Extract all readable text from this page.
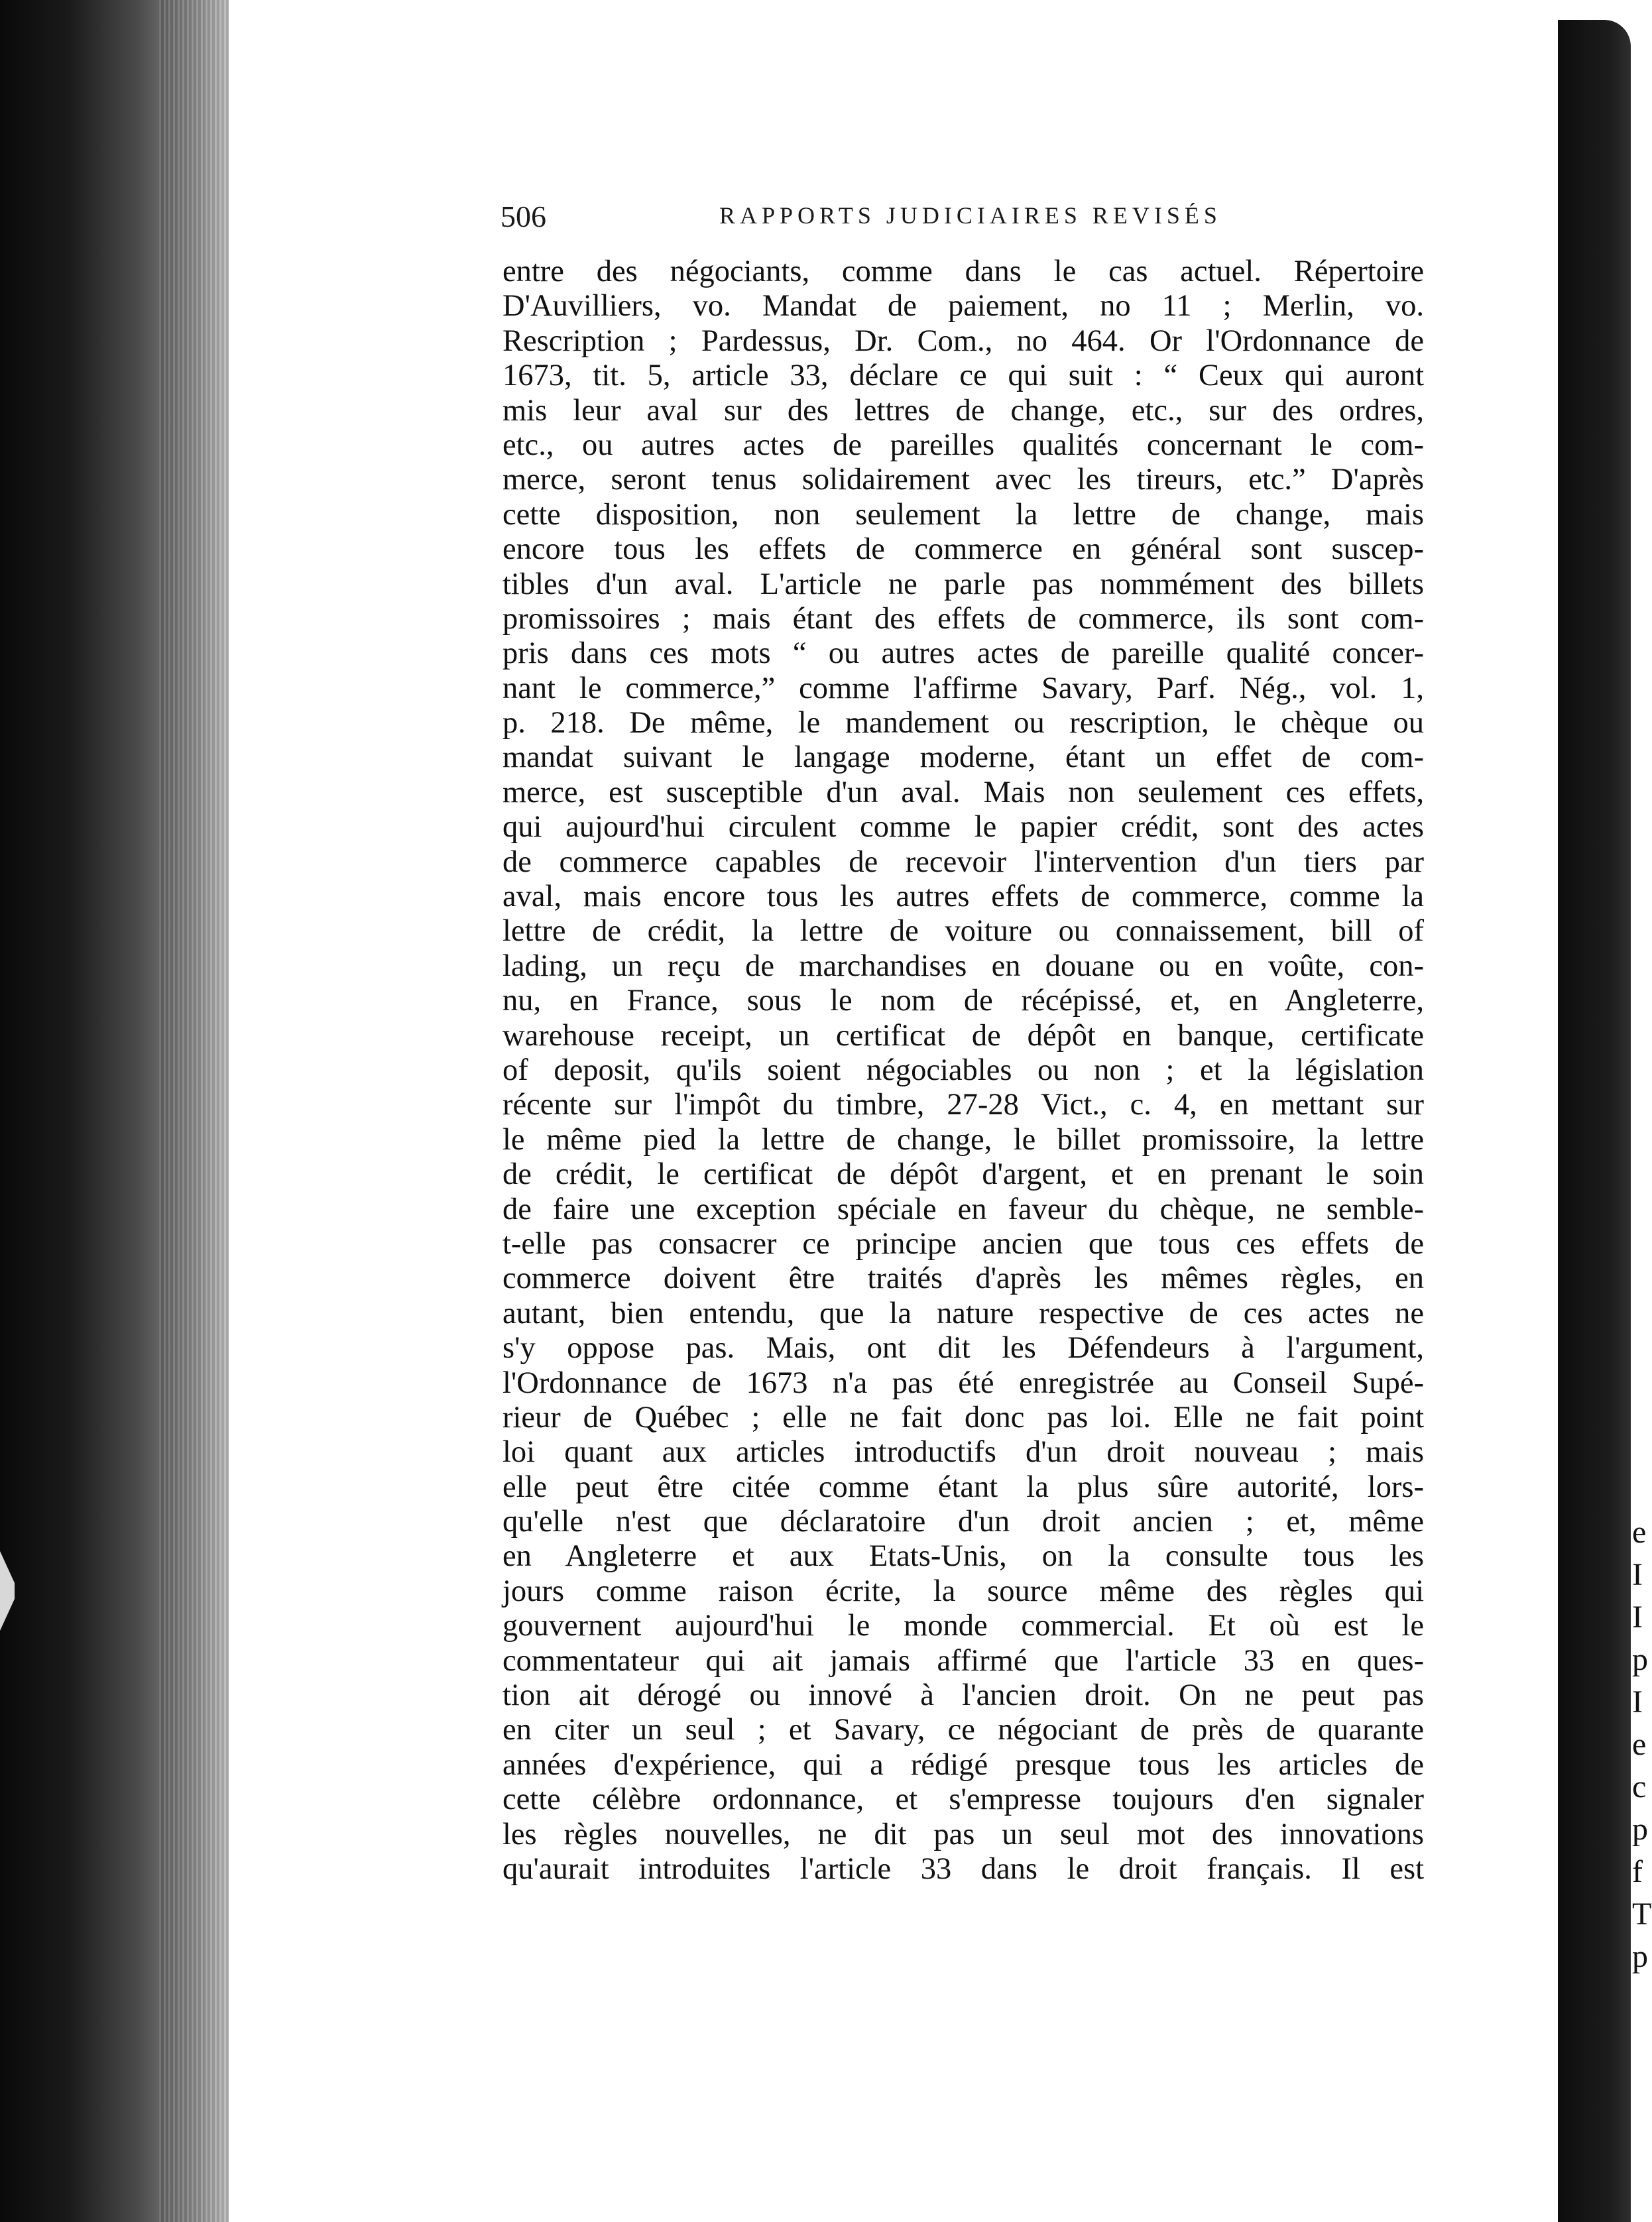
e
I
I
p
I
e
c
p
f
T
p
506	RAPPORTS JUDICIAIRES REVISÉS
entre des négociants, comme dans le cas actuel. Répertoire
D'Auvilliers, vo. Mandat de paiement, no 11 ; Merlin, vo.
Rescription ; Pardessus, Dr. Com., no 464. Or l'Ordonnance de
1673, tit. 5, article 33, déclare ce qui suit : “ Ceux qui auront
mis leur aval sur des lettres de change, etc., sur des ordres,
etc., ou autres actes de pareilles qualités concernant le com-
merce, seront tenus solidairement avec les tireurs, etc.” D'après
cette disposition, non seulement la lettre de change, mais
encore tous les effets de commerce en général sont suscep-
tibles d'un aval. L'article ne parle pas nommément des billets
promissoires ; mais étant des effets de commerce, ils sont com-
pris dans ces mots “ ou autres actes de pareille qualité concer-
nant le commerce,” comme l'affirme Savary, Parf. Nég., vol. 1,
p. 218. De même, le mandement ou rescription, le chèque ou
mandat suivant le langage moderne, étant un effet de com-
merce, est susceptible d'un aval. Mais non seulement ces effets,
qui aujourd'hui circulent comme le papier crédit, sont des actes
de commerce capables de recevoir l'intervention d'un tiers par
aval, mais encore tous les autres effets de commerce, comme la
lettre de crédit, la lettre de voiture ou connaissement, bill of
lading, un reçu de marchandises en douane ou en voûte, con-
nu, en France, sous le nom de récépissé, et, en Angleterre,
warehouse receipt, un certificat de dépôt en banque, certificate
of deposit, qu'ils soient négociables ou non ; et la législation
récente sur l'impôt du timbre, 27-28 Vict., c. 4, en mettant sur
le même pied la lettre de change, le billet promissoire, la lettre
de crédit, le certificat de dépôt d'argent, et en prenant le soin
de faire une exception spéciale en faveur du chèque, ne semble-
t-elle pas consacrer ce principe ancien que tous ces effets de
commerce doivent être traités d'après les mêmes règles, en
autant, bien entendu, que la nature respective de ces actes ne
s'y oppose pas. Mais, ont dit les Défendeurs à l'argument,
l'Ordonnance de 1673 n'a pas été enregistrée au Conseil Supé-
rieur de Québec ; elle ne fait donc pas loi. Elle ne fait point
loi quant aux articles introductifs d'un droit nouveau ; mais
elle peut être citée comme étant la plus sûre autorité, lors-
qu'elle n'est que déclaratoire d'un droit ancien ; et, même
en Angleterre et aux Etats-Unis, on la consulte tous les
jours comme raison écrite, la source même des règles qui
gouvernent aujourd'hui le monde commercial. Et où est le
commentateur qui ait jamais affirmé que l'article 33 en ques-
tion ait dérogé ou innové à l'ancien droit. On ne peut pas
en citer un seul ; et Savary, ce négociant de près de quarante
années d'expérience, qui a rédigé presque tous les articles de
cette célèbre ordonnance, et s'empresse toujours d'en signaler
les règles nouvelles, ne dit pas un seul mot des innovations
qu'aurait introduites l'article 33 dans le droit français. Il est
